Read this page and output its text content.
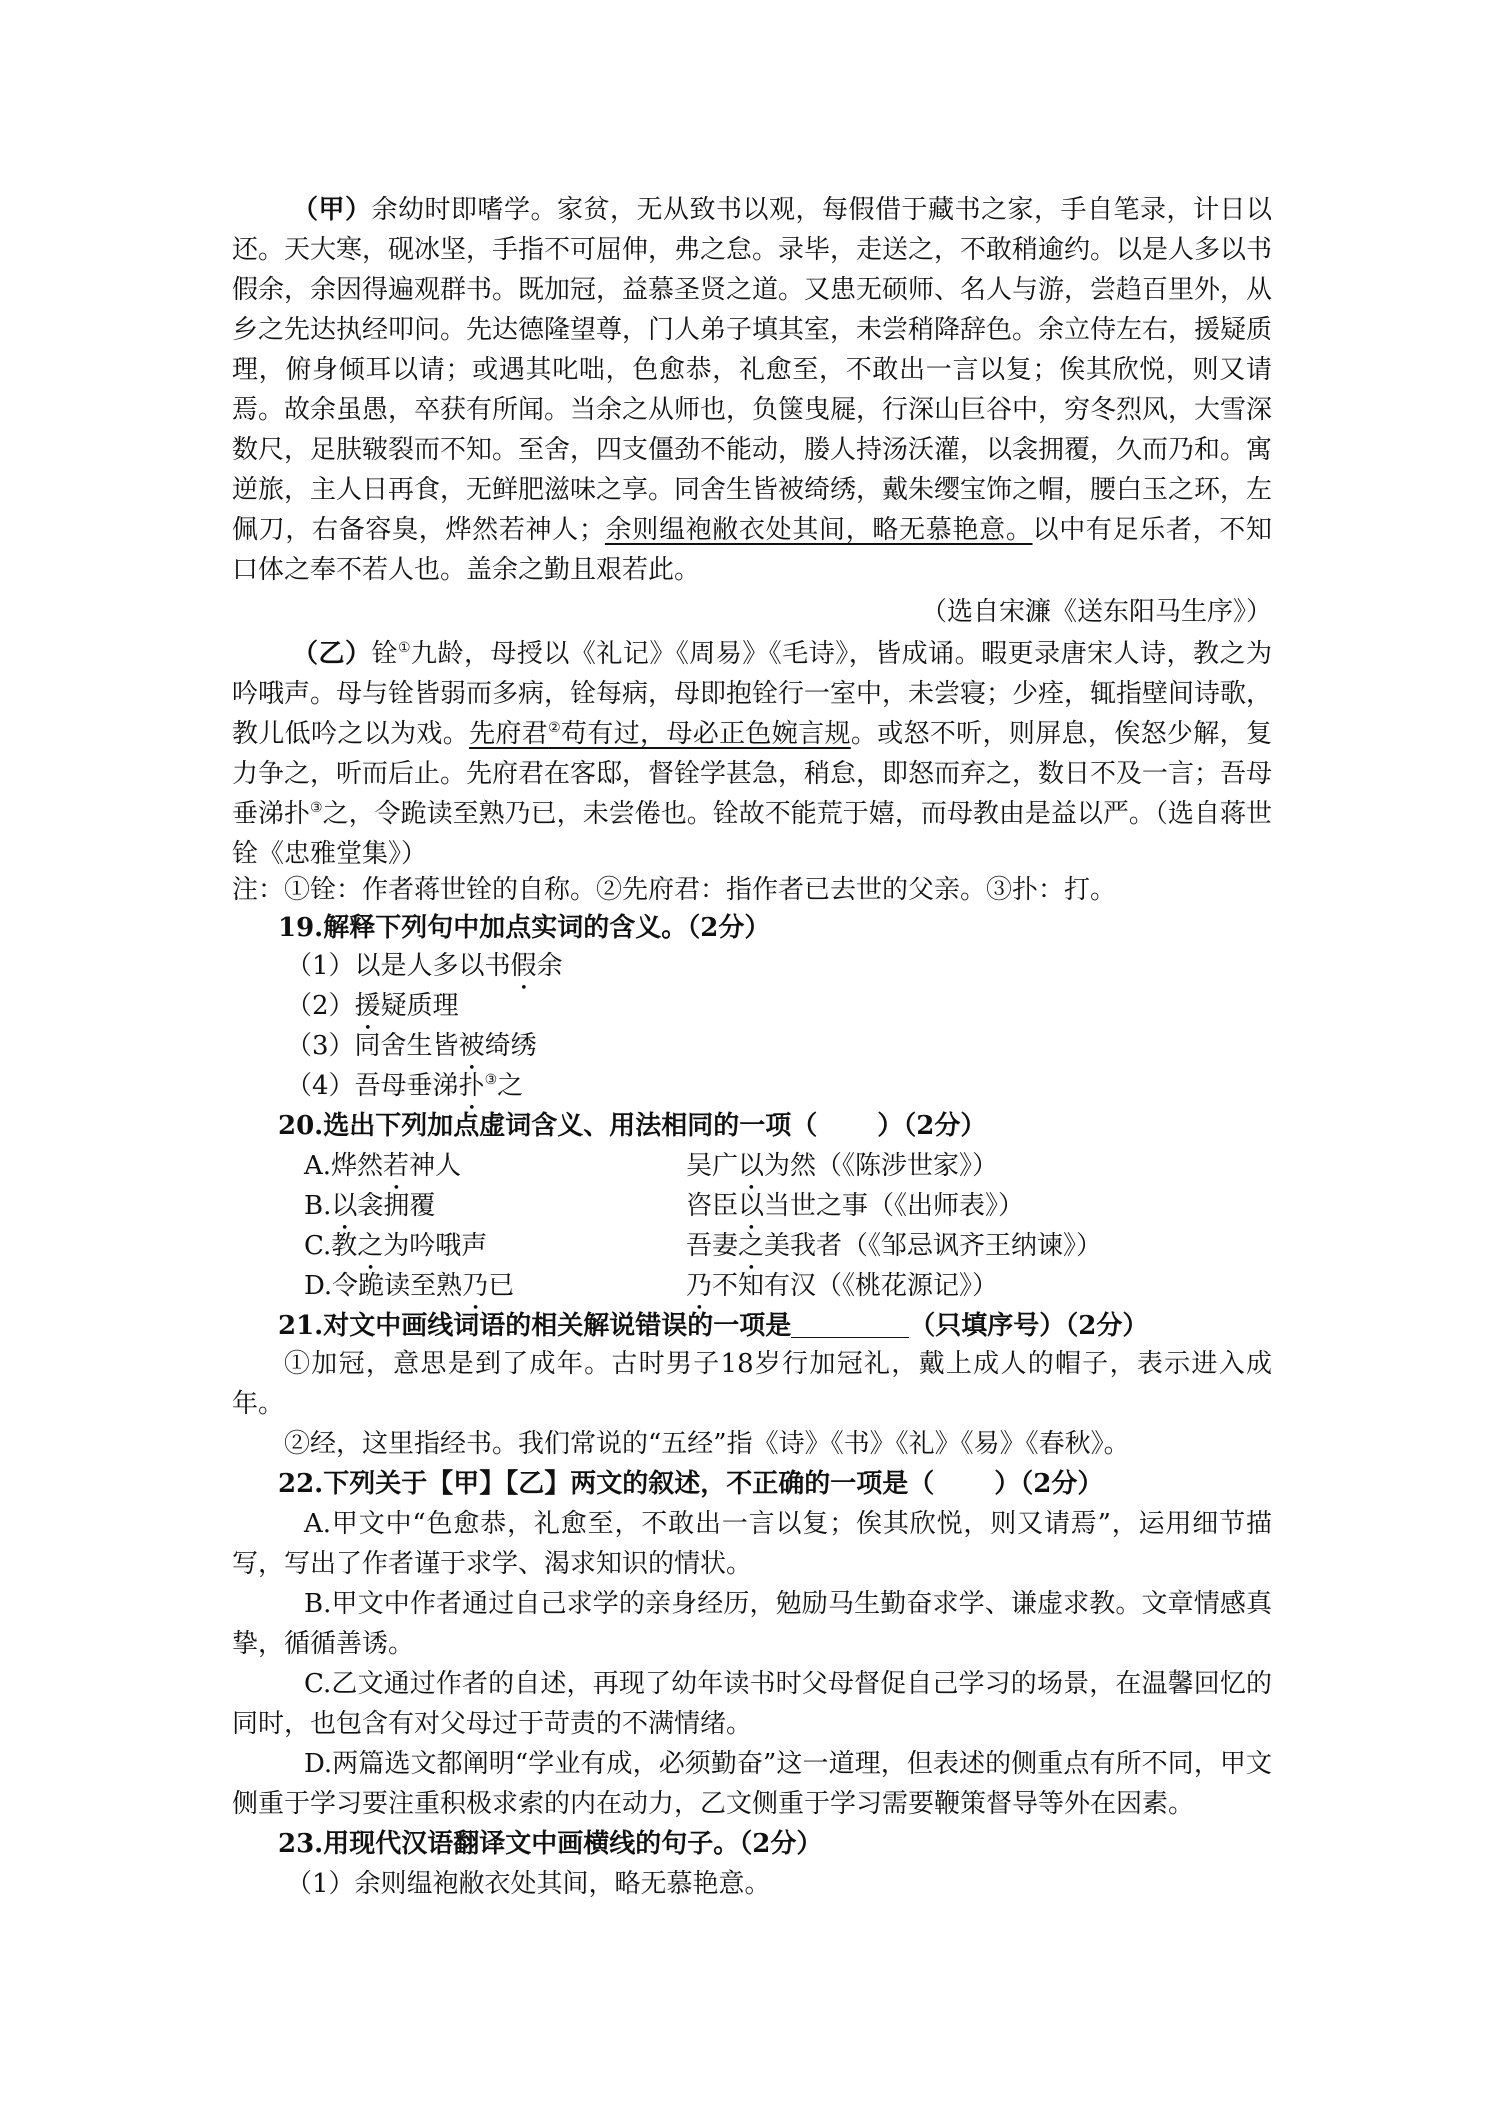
（甲）余幼时即嗜学。家贫，无从致书以观，每假借于藏书之家，手自笔录，计日以还。天大寒，砚冰坚，手指不可屈伸，弗之怠。录毕，走送之，不敢稍逾约。以是人多以书假余，余因得遍观群书。既加冠，益慕圣贤之道。又患无硕师、名人与游，尝趋百里外，从乡之先达执经叩问。先达德隆望尊，门人弟子填其室，未尝稍降辞色。余立侍左右，援疑质理，俯身倾耳以请；或遇其叱咄，色愈恭，礼愈至，不敢出一言以复；俟其欣悦，则又请焉。故余虽愚，卒获有所闻。当余之从师也，负箧曳屣，行深山巨谷中，穷冬烈风，大雪深数尺，足肤皲裂而不知。至舍，四支僵劲不能动，媵人持汤沃灌，以衾拥覆，久而乃和。寓逆旅，主人日再食，无鲜肥滋味之享。同舍生皆被绮绣，戴朱缨宝饰之帽，腰白玉之环，左佩刀，右备容臭，烨然若神人；余则缊袍敝衣处其间，略无慕艳意。以中有足乐者，不知口体之奉不若人也。盖余之勤且艰若此。

（选自宋濂《送东阳马生序》）

（乙）铨①九龄，母授以《礼记》《周易》《毛诗》，皆成诵。暇更录唐宋人诗，教之为吟哦声。母与铨皆弱而多病，铨每病，母即抱铨行一室中，未尝寝；少痊，辄指壁间诗歌，教儿低吟之以为戏。先府君②苟有过，母必正色婉言规。或怒不听，则屏息，俟怒少解，复力争之，听而后止。先府君在客邸，督铨学甚急，稍怠，即怒而弃之，数日不及一言；吾母垂涕扑③之，令跪读至熟乃已，未尝倦也。铨故不能荒于嬉，而母教由是益以严。（选自蒋世铨《忠雅堂集》）

注：①铨：作者蒋世铨的自称。②先府君：指作者已去世的父亲。③扑：打。
19.解释下列句中加点实词的含义。（2分）
（1）以是人多以书假余
（2）援疑质理
（3）同舍生皆被绮绣
（4）吾母垂涕扑③之
20.选出下列加点虚词含义、用法相同的一项（ ）（2分）
A.烨然若神人	吴广以为然（《陈涉世家》）
B.以衾拥覆	咨臣以当世之事（《出师表》）
C.教之为吟哦声	吾妻之美我者（《邹忌讽齐王纳谏》）
D.令跪读至熟乃已	乃不知有汉（《桃花源记》）
21.对文中画线词语的相关解说错误的一项是	（只填序号）（2分）

①加冠，意思是到了成年。古时男子18岁行加冠礼，戴上成人的帽子，表示进入成年。

②经，这里指经书。我们常说的“五经”指《诗》《书》《礼》《易》《春秋》。

22.下列关于【甲】【乙】两文的叙述，不正确的一项是（ ）（2分）

A.甲文中“色愈恭，礼愈至，不敢出一言以复；俟其欣悦，则又请焉”，运用细节描写，写出了作者谨于求学、渴求知识的情状。

B.甲文中作者通过自己求学的亲身经历，勉励马生勤奋求学、谦虚求教。文章情感真挚，循循善诱。

C.乙文通过作者的自述，再现了幼年读书时父母督促自己学习的场景，在温馨回忆的同时，也包含有对父母过于苛责的不满情绪。

D.两篇选文都阐明“学业有成，必须勤奋”这一道理，但表述的侧重点有所不同，甲文侧重于学习要注重积极求索的内在动力，乙文侧重于学习需要鞭策督导等外在因素。

23.用现代汉语翻译文中画横线的句子。（2分）
（1）余则缊袍敝衣处其间，略无慕艳意。
